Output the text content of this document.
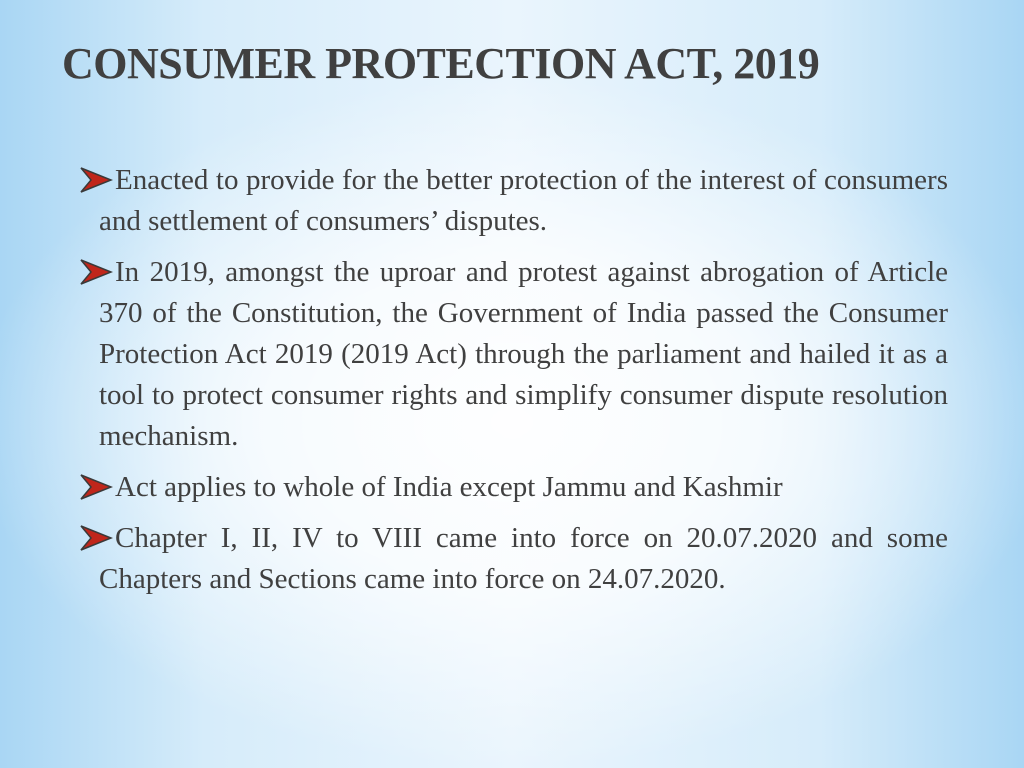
CONSUMER PROTECTION ACT, 2019
Enacted to provide for the better protection of the interest of consumers and settlement of consumers’ disputes.
In 2019, amongst the uproar and protest against abrogation of Article 370 of the Constitution, the Government of India passed the Consumer Protection Act 2019 (2019 Act) through the parliament and hailed it as a tool to protect consumer rights and simplify consumer dispute resolution mechanism.
Act applies to whole of India except Jammu and Kashmir
Chapter I, II, IV to VIII came into force on 20.07.2020 and some Chapters and Sections came into force on 24.07.2020.
